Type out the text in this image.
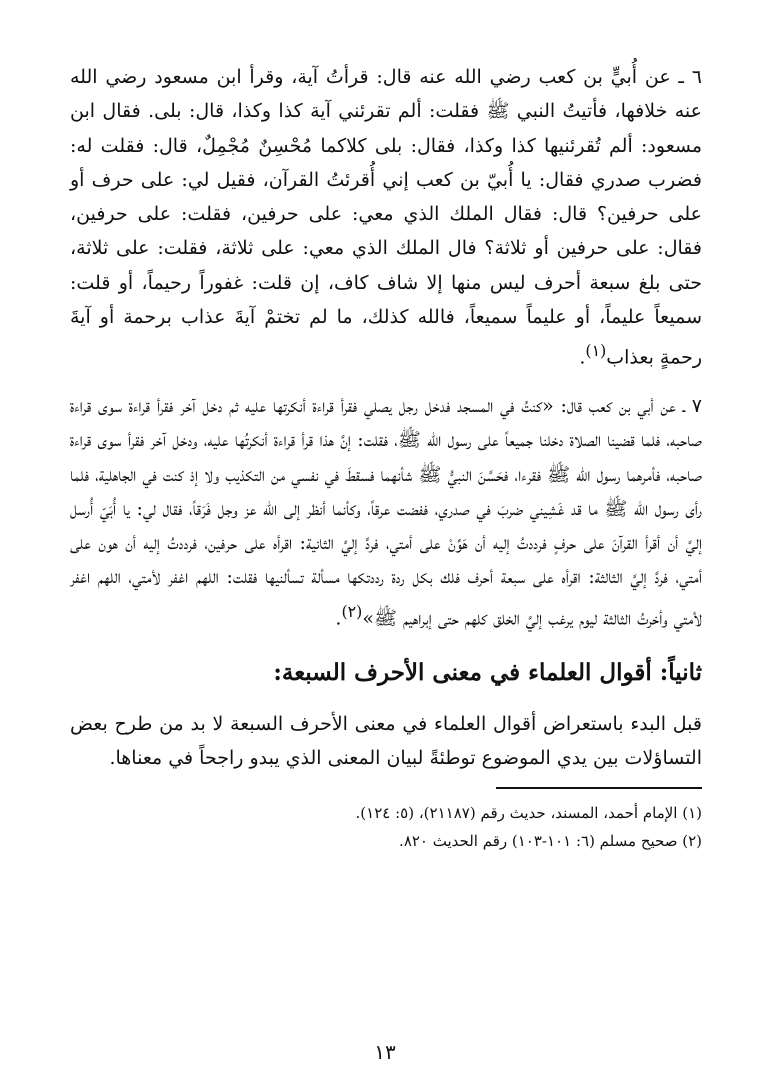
٦ ـ عن أُبيٍّ بن كعب رضي الله عنه قال: قرأتُ آية، وقرأ ابن مسعود رضي الله عنه خلافها، فأتيتُ النبي ﷺ فقلت: ألم تقرئني آية كذا وكذا، قال: بلى. فقال ابن مسعود: ألم تُقرئنيها كذا وكذا، فقال: بلى كلاكما مُحْسِنٌ مُجْمِلٌ، قال: فقلت له: فضرب صدري فقال: يا أُبيّ بن كعب إني أُقرئتُ القرآن، فقيل لي: على حرف أو على حرفين؟ قال: فقال الملك الذي معي: على حرفين، فقلت: على حرفين، فقال: على حرفين أو ثلاثة؟ فال الملك الذي معي: على ثلاثة، فقلت: على ثلاثة، حتى بلغ سبعة أحرف ليس منها إلا شاف كاف، إن قلت: غفوراً رحيماً، أو قلت: سميعاً عليماً، أو عليماً سميعاً، فالله كذلك، ما لم تختمْ آيةَ عذاب برحمة أو آيةَ رحمةٍ بعذاب$^{(١)}$.

٧ ـ عن أبي بن كعب قال: «كنتُ في المسجد فدخل رجل يصلي فقرأ قراءة أنكرتها عليه ثم دخل آخر فقرأ قراءة سوى قراءة صاحبه، فلما قضينا الصلاة دخلنا جميعاً على رسول الله ﷺ، فقلت: إنَّ هذا قرأ قراءة أنكرتُها عليه، ودخل آخر فقرأ سوى قراءة صاحبه، فأمرهما رسول الله ﷺ فقرءا، فحَسَّنَ النبيُّ ﷺ شأنهما فسقطَ في نفسي من التكذيب ولا إذ كنت في الجاهلية، فلما رأى رسول الله ﷺ ما قد غَشِيني ضربَ في صدري، ففضت عرقاً، وكأنما أنظر إلى الله عز وجل فَرَقاً، فقال لي: يا أُبَيّ أُرسل إليَّ أن أقرأ القرآنَ على حرفٍ فرددتُ إليه أن هَوِّنْ على أمتي، فردَّ إليَّ الثانية: اقرأه على حرفين، فرددتُ إليه أن هون على أمتي، فردَّ إليَّ الثالثة: اقرأه على سبعة أحرف فلك بكل ردة رددتكها مسألة تسألنيها فقلت: اللهم اغفر لأمتي، اللهم اغفر لأمتي وأخرتُ الثالثة ليوم يرغب إليَّ الخلق كلهم حتى إبراهيم ﷺ»$^{(٢)}$.

ثانياً: أقوال العلماء في معنى الأحرف السبعة:

قبل البدء باستعراض أقوال العلماء في معنى الأحرف السبعة لا بد من طرح بعض التساؤلات بين يدي الموضوع توطئةً لبيان المعنى الذي يبدو راجحاً في معناها.

(١) الإمام أحمد، المسند، حديث رقم (٢١١٨٧)، (٥: ١٢٤).

(٢) صحيح مسلم (٦: ١٠١-١٠٣) رقم الحديث ٨٢٠.

١٣
